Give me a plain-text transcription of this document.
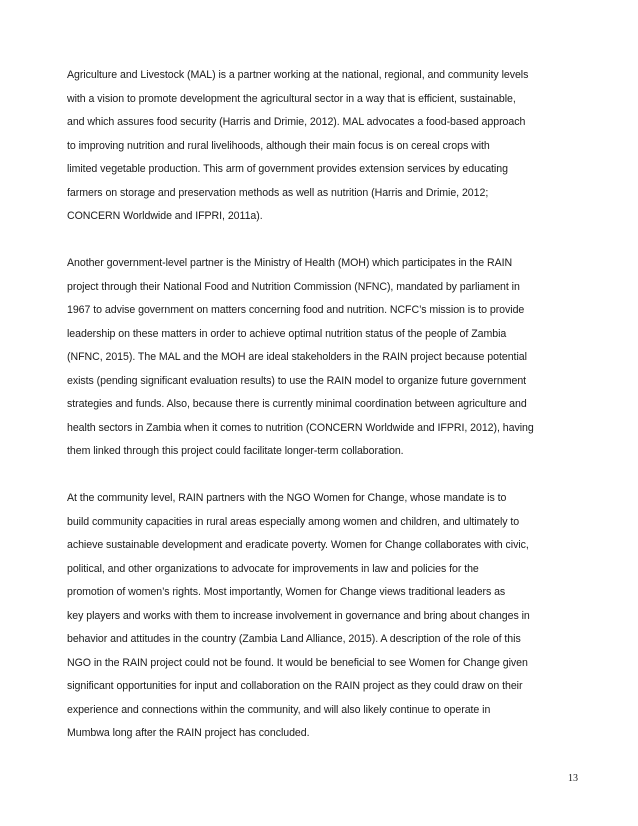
Agriculture and Livestock (MAL) is a partner working at the national, regional, and community levels
with a vision to promote development the agricultural sector in a way that is efficient, sustainable,
and which assures food security (Harris and Drimie, 2012). MAL advocates a food-based approach
to improving nutrition and rural livelihoods, although their main focus is on cereal crops with
limited vegetable production. This arm of government provides extension services by educating
farmers on storage and preservation methods as well as nutrition (Harris and Drimie, 2012;
CONCERN Worldwide and IFPRI, 2011a).

Another government-level partner is the Ministry of Health (MOH) which participates in the RAIN
project through their National Food and Nutrition Commission (NFNC), mandated by parliament in
1967 to advise government on matters concerning food and nutrition. NCFC’s mission is to provide
leadership on these matters in order to achieve optimal nutrition status of the people of Zambia
(NFNC, 2015). The MAL and the MOH are ideal stakeholders in the RAIN project because potential
exists (pending significant evaluation results) to use the RAIN model to organize future government
strategies and funds. Also, because there is currently minimal coordination between agriculture and
health sectors in Zambia when it comes to nutrition (CONCERN Worldwide and IFPRI, 2012), having
them linked through this project could facilitate longer-term collaboration.

At the community level, RAIN partners with the NGO Women for Change, whose mandate is to
build community capacities in rural areas especially among women and children, and ultimately to
achieve sustainable development and eradicate poverty. Women for Change collaborates with civic,
political, and other organizations to advocate for improvements in law and policies for the
promotion of women’s rights. Most importantly, Women for Change views traditional leaders as
key players and works with them to increase involvement in governance and bring about changes in
behavior and attitudes in the country (Zambia Land Alliance, 2015). A description of the role of this
NGO in the RAIN project could not be found. It would be beneficial to see Women for Change given
significant opportunities for input and collaboration on the RAIN project as they could draw on their
experience and connections within the community, and will also likely continue to operate in
Mumbwa long after the RAIN project has concluded.

13
